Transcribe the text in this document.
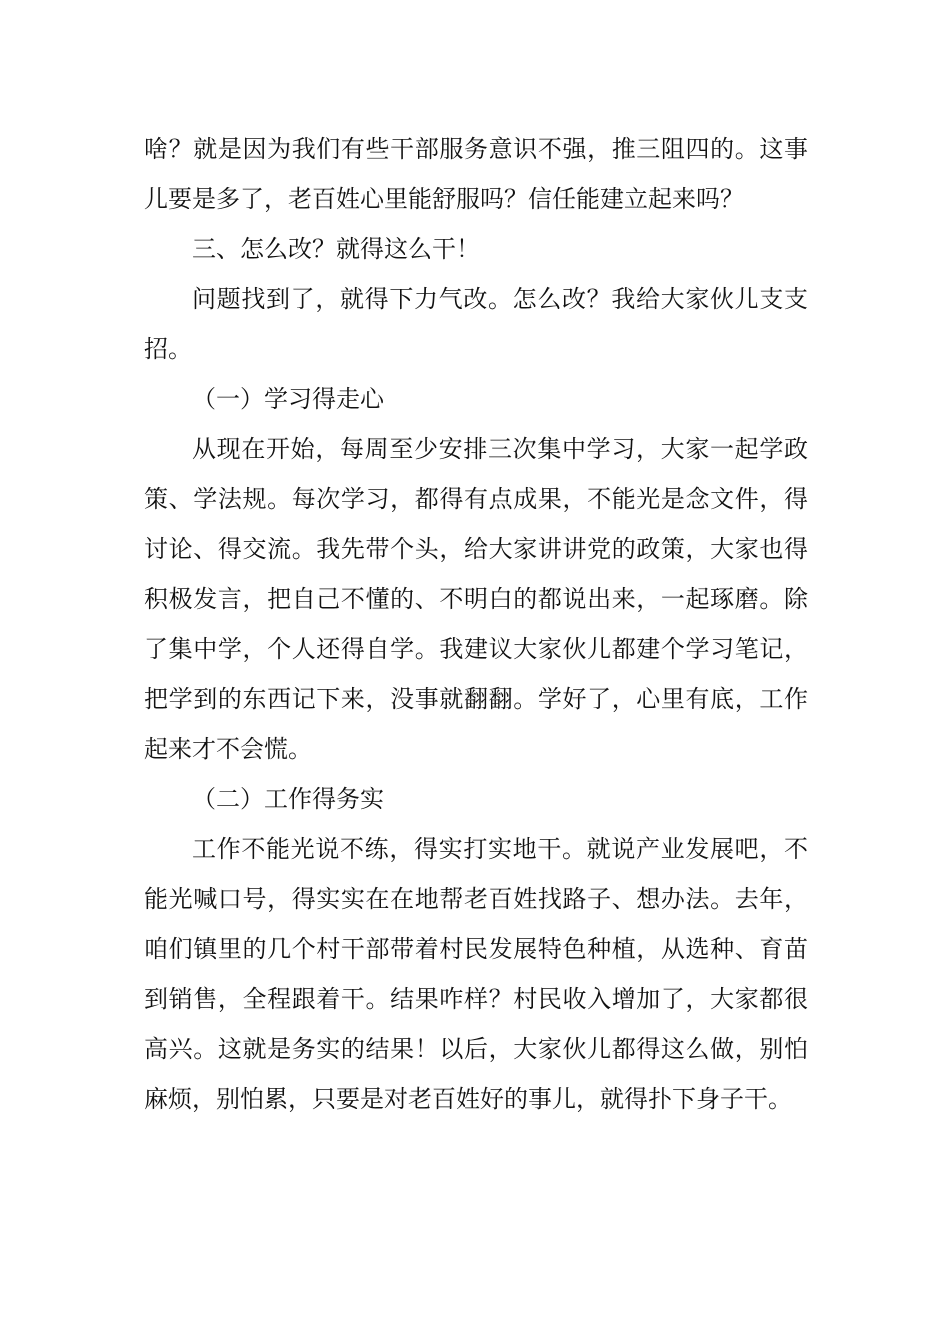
啥？就是因为我们有些干部服务意识不强，推三阻四的。这事儿要是多了，老百姓心里能舒服吗？信任能建立起来吗？

三、怎么改？就得这么干！

问题找到了，就得下力气改。怎么改？我给大家伙儿支支招。

（一）学习得走心

从现在开始，每周至少安排三次集中学习，大家一起学政策、学法规。每次学习，都得有点成果，不能光是念文件，得讨论、得交流。我先带个头，给大家讲讲党的政策，大家也得积极发言，把自己不懂的、不明白的都说出来，一起琢磨。除了集中学，个人还得自学。我建议大家伙儿都建个学习笔记，把学到的东西记下来，没事就翻翻。学好了，心里有底，工作起来才不会慌。

（二）工作得务实

工作不能光说不练，得实打实地干。就说产业发展吧，不能光喊口号，得实实在在地帮老百姓找路子、想办法。去年，咱们镇里的几个村干部带着村民发展特色种植，从选种、育苗到销售，全程跟着干。结果咋样？村民收入增加了，大家都很高兴。这就是务实的结果！以后，大家伙儿都得这么做，别怕麻烦，别怕累，只要是对老百姓好的事儿，就得扑下身子干。
